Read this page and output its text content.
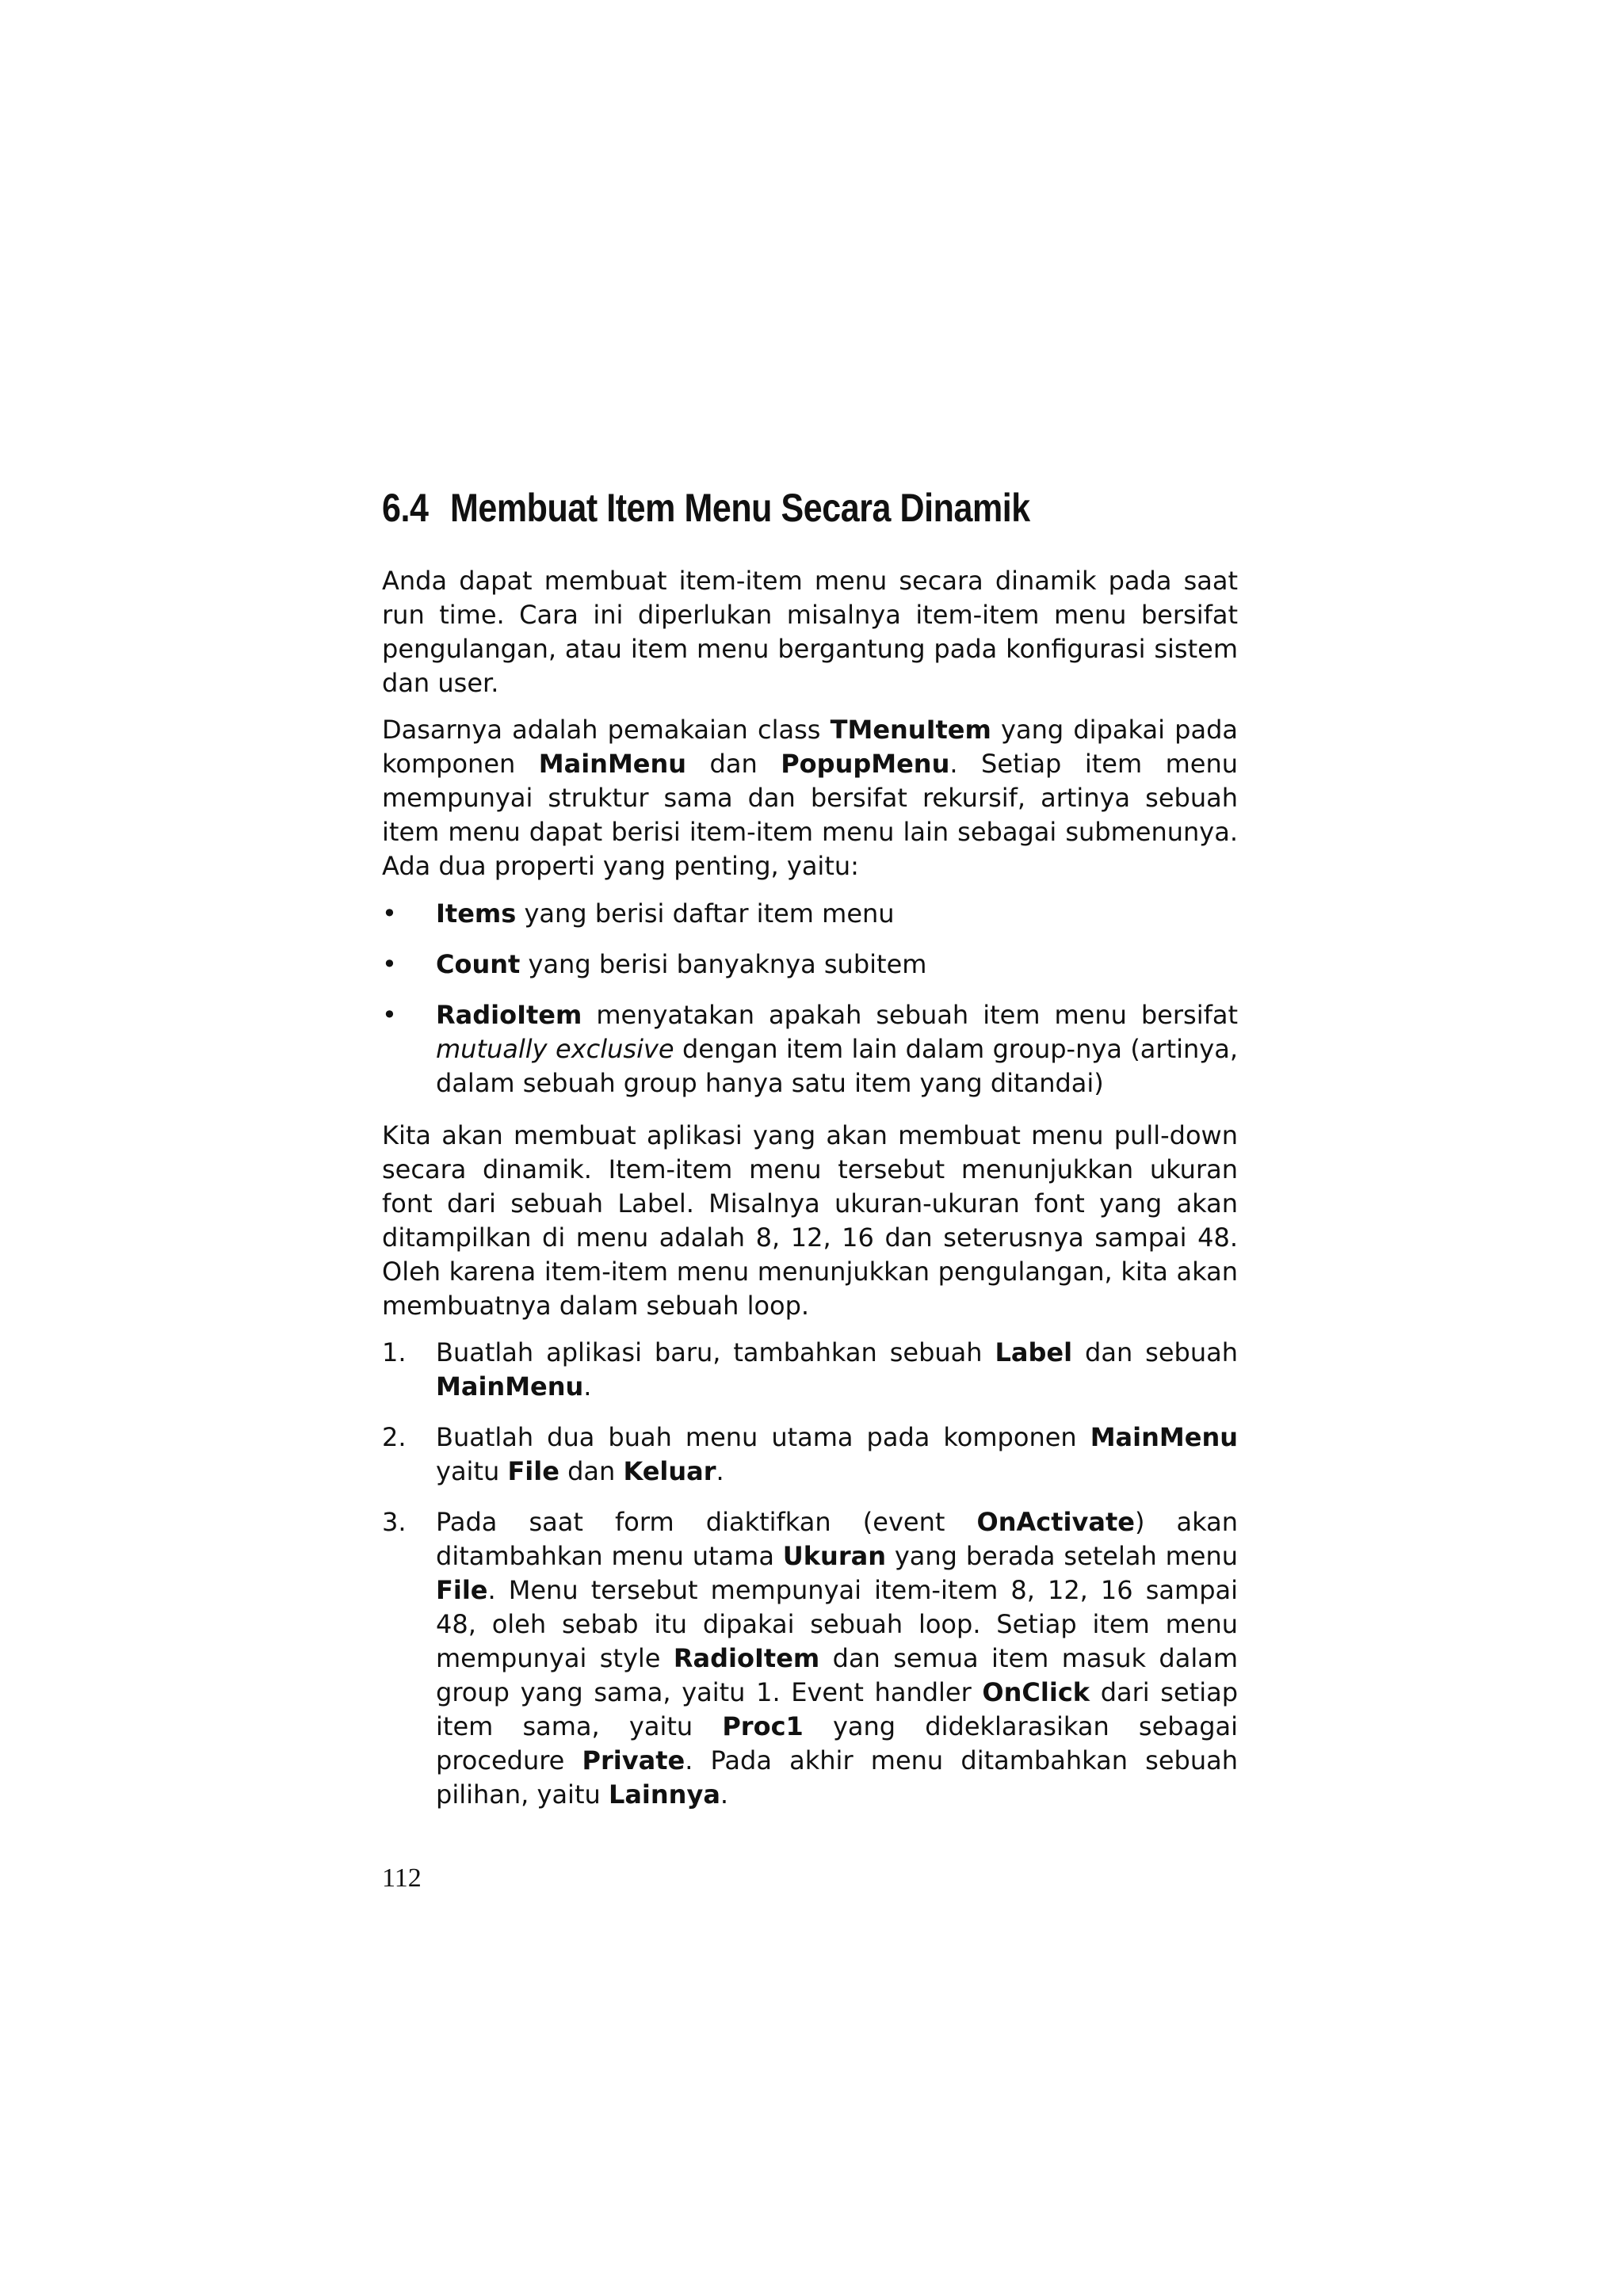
6.4 Membuat Item Menu Secara Dinamik

Anda dapat membuat item-item menu secara dinamik pada saat run time. Cara ini diperlukan misalnya item-item menu bersifat pengulangan, atau item menu bergantung pada konfigurasi sistem dan user.

Dasarnya adalah pemakaian class TMenuItem yang dipakai pada komponen MainMenu dan PopupMenu. Setiap item menu mempunyai struktur sama dan bersifat rekursif, artinya sebuah item menu dapat berisi item-item menu lain sebagai submenunya. Ada dua properti yang penting, yaitu:

•	Items yang berisi daftar item menu
•	Count yang berisi banyaknya subitem
•	RadioItem menyatakan apakah sebuah item menu bersifat mutually exclusive dengan item lain dalam group-nya (artinya, dalam sebuah group hanya satu item yang ditandai)

Kita akan membuat aplikasi yang akan membuat menu pull-down secara dinamik. Item-item menu tersebut menunjukkan ukuran font dari sebuah Label. Misalnya ukuran-ukuran font yang akan ditampilkan di menu adalah 8, 12, 16 dan seterusnya sampai 48. Oleh karena item-item menu menunjukkan pengulangan, kita akan membuatnya dalam sebuah loop.

1.	Buatlah aplikasi baru, tambahkan sebuah Label dan sebuah MainMenu.
2.	Buatlah dua buah menu utama pada komponen MainMenu yaitu File dan Keluar.
3.	Pada saat form diaktifkan (event OnActivate) akan ditambahkan menu utama Ukuran yang berada setelah menu File. Menu tersebut mempunyai item-item 8, 12, 16 sampai 48, oleh sebab itu dipakai sebuah loop. Setiap item menu mempunyai style RadioItem dan semua item masuk dalam group yang sama, yaitu 1. Event handler OnClick dari setiap item sama, yaitu Proc1 yang dideklarasikan sebagai procedure Private. Pada akhir menu ditambahkan sebuah pilihan, yaitu Lainnya.
112
